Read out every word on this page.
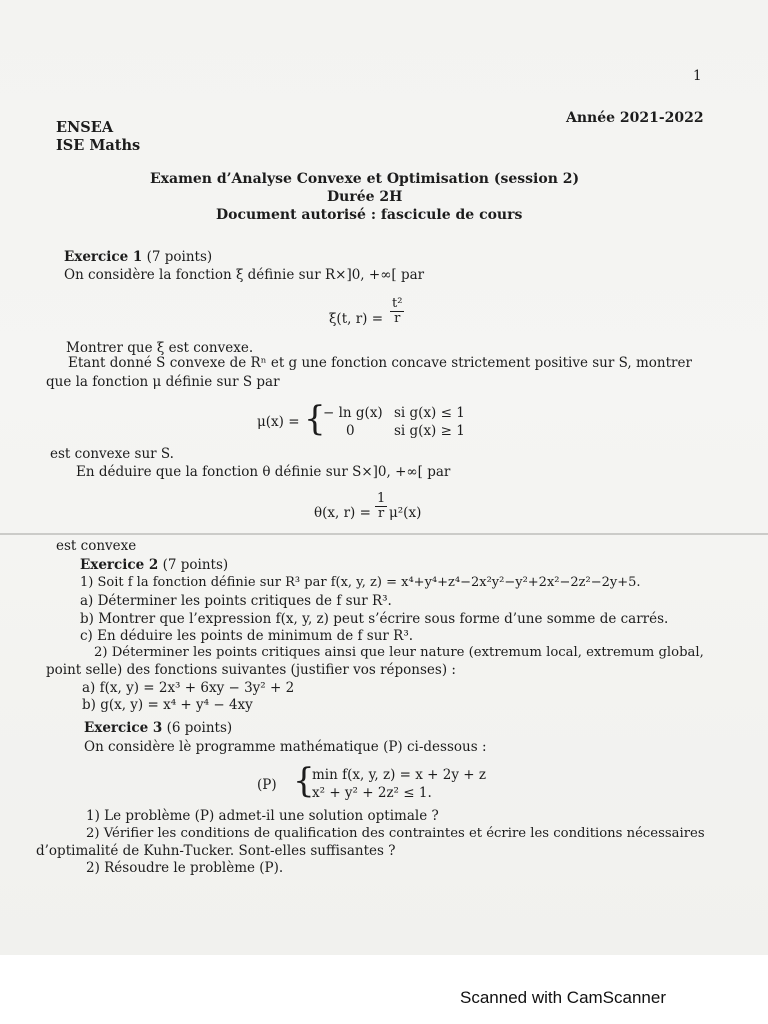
1
ENSEA
ISE Maths
Année 2021-2022
Examen d’Analyse Convexe et Optimisation (session 2)
Durée 2H
Document autorisé : fascicule de cours
Exercice 1 (7 points)
On considère la fonction ξ définie sur R×]0, +∞[ par
ξ(t, $r) = \frac{\text{t²}}{r}$
Montrer que ξ est convexe.
Etant donné S convexe de Rⁿ et g une fonction concave strictement positive sur S, montrer
que la fonction μ définie sur S par
μ(x) = {
− ln g(x) si g(x) ≤ 1
0	si g(x) ≥ 1
est convexe sur S.
En déduire que la fonction θ définie sur S×]0, +∞[ par
θ(x, $r) = \frac{1}{r} \mu^2(x)$
est convexe
Exercice 2 (7 points)
1) Soit f la fonction définie sur R³ par f(x, y, z) = x⁴+y⁴+z⁴−2x²y²−y²+2x²−2z²−2y+5.
a) Déterminer les points critiques de f sur R³.
b) Montrer que l’expression f(x, y, z) peut s’écrire sous forme d’une somme de carrés.
c) En déduire les points de minimum de f sur R³.
2) Déterminer les points critiques ainsi que leur nature (extremum local, extremum global,
point selle) des fonctions suivantes (justifier vos réponses) :
a) f(x, y) = 2x³ + 6xy − 3y² + 2
b) g(x, y) = x⁴ + y⁴ − 4xy
Exercice 3 (6 points)
On considère lè programme mathématique (P) ci-dessous :
(P) {
min f(x, y, z) = x + 2y + z
x² + y² + 2z² ≤ 1.
1) Le problème (P) admet-il une solution optimale ?
2) Vérifier les conditions de qualification des contraintes et écrire les conditions nécessaires
d’optimalité de Kuhn-Tucker. Sont-elles suffisantes ?
2) Résoudre le problème (P).
Scanned with CamScanner
